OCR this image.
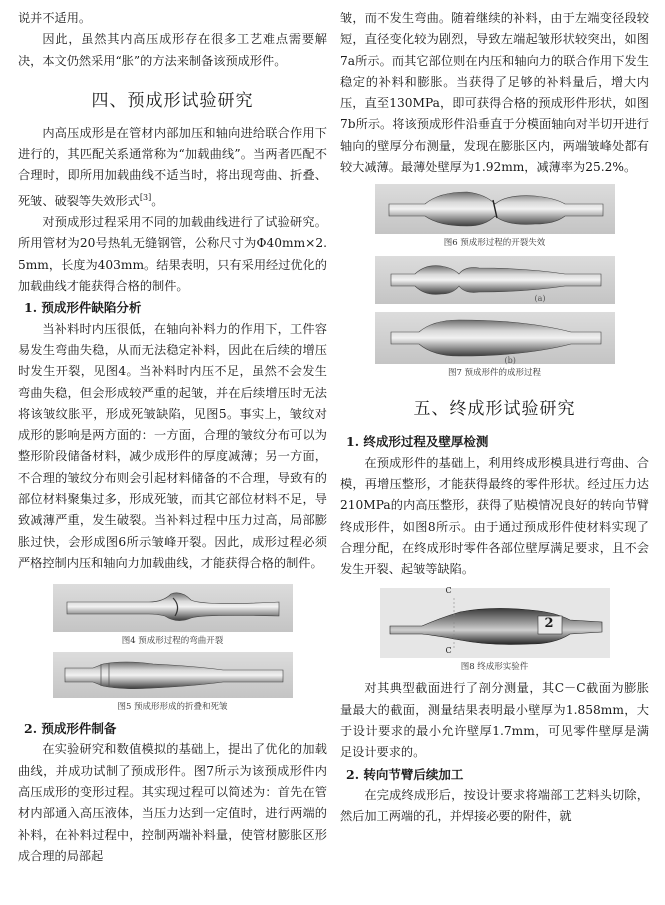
说并不适用。

因此，虽然其内高压成形存在很多工艺难点需要解决，本文仍然采用“胀”的方法来制备该预成形件。

四、预成形试验研究

内高压成形是在管材内部加压和轴向进给联合作用下进行的，其匹配关系通常称为“加载曲线”。当两者匹配不合理时，即所用加载曲线不适当时，将出现弯曲、折叠、死皱、破裂等失效形式[3]。

对预成形过程采用不同的加载曲线进行了试验研究。所用管材为20号热轧无缝钢管，公称尺寸为Φ40mm×2.5mm，长度为403mm。结果表明，只有采用经过优化的加载曲线才能获得合格的制件。

1. 预成形件缺陷分析

当补料时内压很低，在轴向补料力的作用下，工件容易发生弯曲失稳，从而无法稳定补料，因此在后续的增压时发生开裂，见图4。当补料时内压不足，虽然不会发生弯曲失稳，但会形成较严重的起皱，并在后续增压时无法将该皱纹胀平，形成死皱缺陷，见图5。事实上，皱纹对成形的影响是两方面的：一方面，合理的皱纹分布可以为整形阶段储备材料，减少成形件的厚度减薄；另一方面，不合理的皱纹分布则会引起材料储备的不合理，导致有的部位材料聚集过多，形成死皱，而其它部位材料不足，导致减薄严重，发生破裂。当补料过程中压力过高，局部膨胀过快，会形成图6所示皱峰开裂。因此，成形过程必须严格控制内压和轴向力加载曲线，才能获得合格的制件。

图4 预成形过程的弯曲开裂
图5 预成形形成的折叠和死皱
2. 预成形件制备

在实验研究和数值模拟的基础上，提出了优化的加载曲线，并成功试制了预成形件。图7所示为该预成形件内高压成形的变形过程。其实现过程可以简述为：首先在管材内部通入高压液体，当压力达到一定值时，进行两端的补料，在补料过程中，控制两端补料量，使管材膨胀区形成合理的局部起

皱，而不发生弯曲。随着继续的补料，由于左端变径段较短，直径变化较为剧烈，导致左端起皱形状较突出，如图7a所示。而其它部位则在内压和轴向力的联合作用下发生稳定的补料和膨胀。当获得了足够的补料量后，增大内压，直至130MPa，即可获得合格的预成形件形状，如图7b所示。将该预成形件沿垂直于分模面轴向对半切开进行轴向的壁厚分布测量，发现在膨胀区内，两端皱峰处都有较大减薄。最薄处壁厚为1.92mm，减薄率为25.2%。

图6 预成形过程的开裂失效
(a)
(b)
图7 预成形件的成形过程
五、终成形试验研究
1. 终成形过程及壁厚检测

在预成形件的基础上，利用终成形模具进行弯曲、合模，再增压整形，才能获得最终的零件形状。经过压力达210MPa的内高压整形，获得了贴模情况良好的转向节臂终成形件，如图8所示。由于通过预成形件使材料实现了合理分配，在终成形时零件各部位壁厚满足要求，且不会发生开裂、起皱等缺陷。

C
C
2
图8 终成形实验件

对其典型截面进行了剖分测量，其C－C截面为膨胀量最大的截面，测量结果表明最小壁厚为1.858mm，大于设计要求的最小允许壁厚1.7mm，可见零件壁厚是满足设计要求的。

2. 转向节臂后续加工

在完成终成形后，按设计要求将端部工艺料头切除，然后加工两端的孔，并焊接必要的附件，就
